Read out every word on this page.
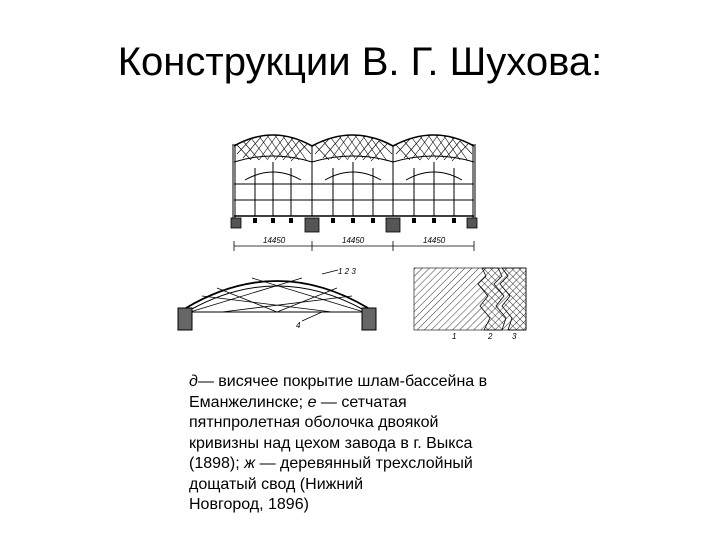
Конструкции В. Г. Шухова:
14450	14450	14450
1 2 3
4
1	2 3
д— висячее покрытие шлам-бассейна в
Еманжелинске; е — сетчатая
пятнпролетная оболочка двоякой
кривизны над цехом завода в г. Выкса
(1898); ж — деревянный трехслойный
дощатый свод (Нижний
Новгород, 1896)
